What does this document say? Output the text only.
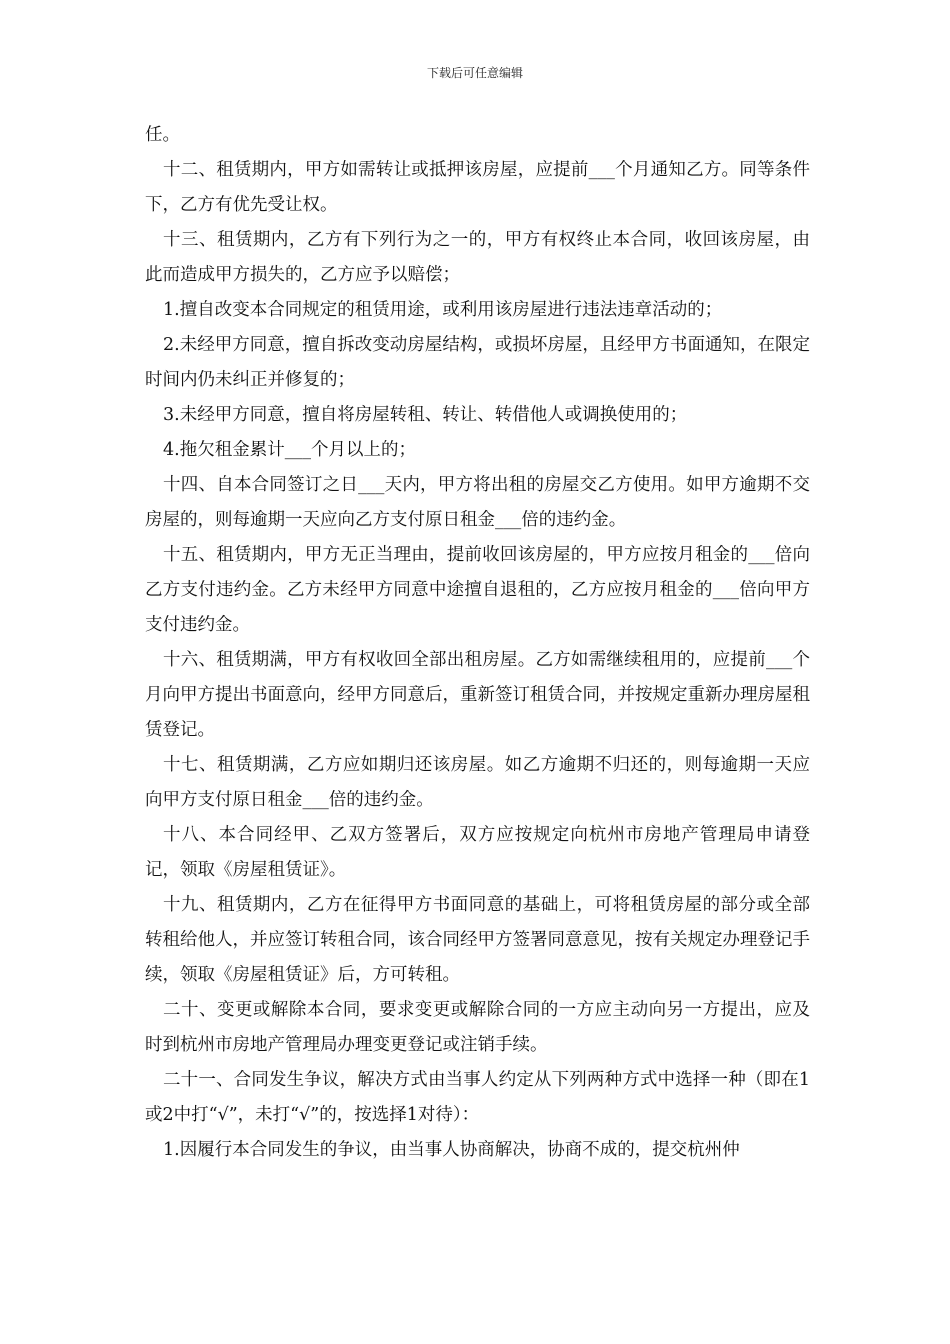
下载后可任意编辑

任。

十二、租赁期内，甲方如需转让或抵押该房屋，应提前___个月通知乙方。同等条件下，乙方有优先受让权。

十三、租赁期内，乙方有下列行为之一的，甲方有权终止本合同，收回该房屋，由此而造成甲方损失的，乙方应予以赔偿；

1.擅自改变本合同规定的租赁用途，或利用该房屋进行违法违章活动的；

2.未经甲方同意，擅自拆改变动房屋结构，或损坏房屋，且经甲方书面通知，在限定时间内仍未纠正并修复的；

3.未经甲方同意，擅自将房屋转租、转让、转借他人或调换使用的；

4.拖欠租金累计___个月以上的；

十四、自本合同签订之日___天内，甲方将出租的房屋交乙方使用。如甲方逾期不交房屋的，则每逾期一天应向乙方支付原日租金___倍的违约金。

十五、租赁期内，甲方无正当理由，提前收回该房屋的，甲方应按月租金的___倍向乙方支付违约金。乙方未经甲方同意中途擅自退租的，乙方应按月租金的___倍向甲方支付违约金。

十六、租赁期满，甲方有权收回全部出租房屋。乙方如需继续租用的，应提前___个月向甲方提出书面意向，经甲方同意后，重新签订租赁合同，并按规定重新办理房屋租赁登记。

十七、租赁期满，乙方应如期归还该房屋。如乙方逾期不归还的，则每逾期一天应向甲方支付原日租金___倍的违约金。

十八、本合同经甲、乙双方签署后，双方应按规定向杭州市房地产管理局申请登记，领取《房屋租赁证》。

十九、租赁期内，乙方在征得甲方书面同意的基础上，可将租赁房屋的部分或全部转租给他人，并应签订转租合同，该合同经甲方签署同意意见，按有关规定办理登记手续，领取《房屋租赁证》后，方可转租。

二十、变更或解除本合同，要求变更或解除合同的一方应主动向另一方提出，应及时到杭州市房地产管理局办理变更登记或注销手续。

二十一、合同发生争议，解决方式由当事人约定从下列两种方式中选择一种（即在1或2中打“√”，未打“√”的，按选择1对待）：

1.因履行本合同发生的争议，由当事人协商解决，协商不成的，提交杭州仲
